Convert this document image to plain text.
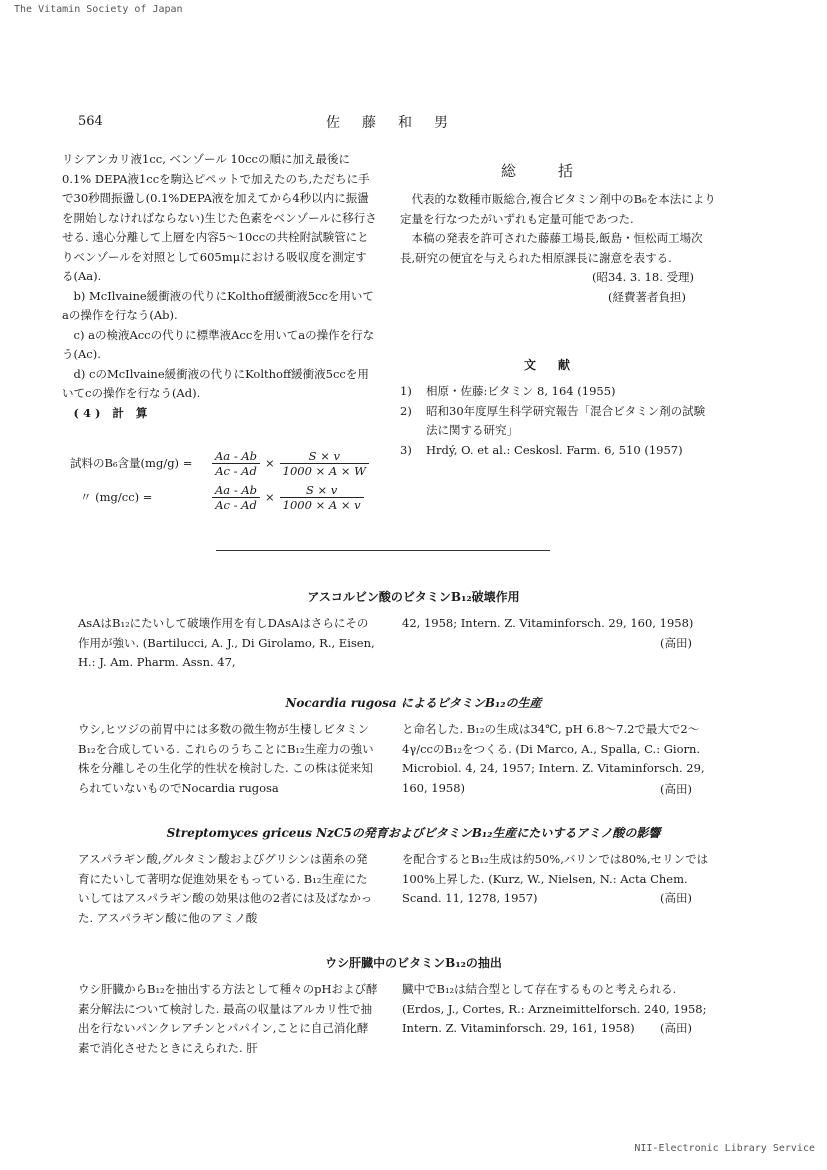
The Vitamin Society of Japan
NII-Electronic Library Service
564	佐藤和男

リシアンカリ液1cc, ベンゾール 10ccの順に加え最後に0.1% DEPA液1ccを駒込ピペットで加えたのち,ただちに手で30秒間振盪し(0.1%DEPA液を加えてから4秒以内に振盪を開始しなければならない)生じた色素をベンゾールに移行させる. 遠心分離して上層を内容5〜10ccの共栓附試験管にとりベンゾールを対照として605mμにおける吸収度を測定する(Aa).

b) McIlvaine緩衝液の代りにKolthoff緩衝液5ccを用いてaの操作を行なう(Ab).

c) aの検液Accの代りに標準液Accを用いてaの操作を行なう(Ac).

d) cのMcIlvaine緩衝液の代りにKolthoff緩衝液5ccを用いてcの操作を行なう(Ad).

(4) 計 算

試料のB₆含量(mg/g) =	$\frac{Aa - Ab}{Ac - Ad} \times \frac{S \times v}{1000 \times A \times W}$
〃 (mg/cc) =	$\frac{Aa - Ab}{Ac - Ad} \times \frac{S \times v}{1000 \times A \times v}$
総括

代表的な数種市販総合,複合ビタミン剤中のB₆を本法により定量を行なつたがいずれも定量可能であつた.

本稿の発表を許可された藤藤工場長,飯島・恒松両工場次長,研究の便宜を与えられた相原課長に謝意を表する.

(昭34. 3. 18. 受理)

(経費著者負担)

文献

1)	相原・佐藤:ビタミン 8, 164 (1955)

2)	昭和30年度厚生科学研究報告「混合ビタミン剤の試験法に関する研究」

3)	Hrdý, O. et al.: Ceskosl. Farm. 6, 510 (1957)

アスコルビン酸のビタミンB₁₂破壊作用
AsAはB₁₂にたいして破壊作用を有しDAsAはさらにその作用が強い. (Bartilucci, A. J., Di Girolamo, R., Eisen, H.: J. Am. Pharm. Assn. 47,
42, 1958; Intern. Z. Vitaminforsch. 29, 160, 1958)
(高田)
Nocardia rugosa によるビタミンB₁₂の生産
ウシ,ヒツジの前胃中には多数の微生物が生棲しビタミンB₁₂を合成している. これらのうちことにB₁₂生産力の強い株を分離しその生化学的性状を検討した. この株は従来知られていないものでNocardia rugosa
と命名した. B₁₂の生成は34℃, pH 6.8〜7.2で最大で2〜4γ/ccのB₁₂をつくる. (Di Marco, A., Spalla, C.: Giorn. Microbiol. 4, 24, 1957; Intern. Z. Vitaminforsch. 29, 160, 1958)	(高田)
Streptomyces griceus NzC5の発育およびビタミンB₁₂生産にたいするアミノ酸の影響
アスパラギン酸,グルタミン酸およびグリシンは菌糸の発育にたいして著明な促進効果をもっている. B₁₂生産にたいしてはアスパラギン酸の効果は他の2者には及ばなかった. アスパラギン酸に他のアミノ酸
を配合するとB₁₂生成は約50%,バリンでは80%,セリンでは100%上昇した. (Kurz, W., Nielsen, N.: Acta Chem. Scand. 11, 1278, 1957)	(高田)
ウシ肝臓中のビタミンB₁₂の抽出
ウシ肝臓からB₁₂を抽出する方法として種々のpHおよび酵素分解法について検討した. 最高の収量はアルカリ性で抽出を行ないパンクレアチンとパパイン,ことに自己消化酵素で消化させたときにえられた. 肝
臓中でB₁₂は結合型として存在するものと考えられる. (Erdos, J., Cortes, R.: Arzneimittelforsch. 240, 1958; Intern. Z. Vitaminforsch. 29, 161, 1958) (高田)
